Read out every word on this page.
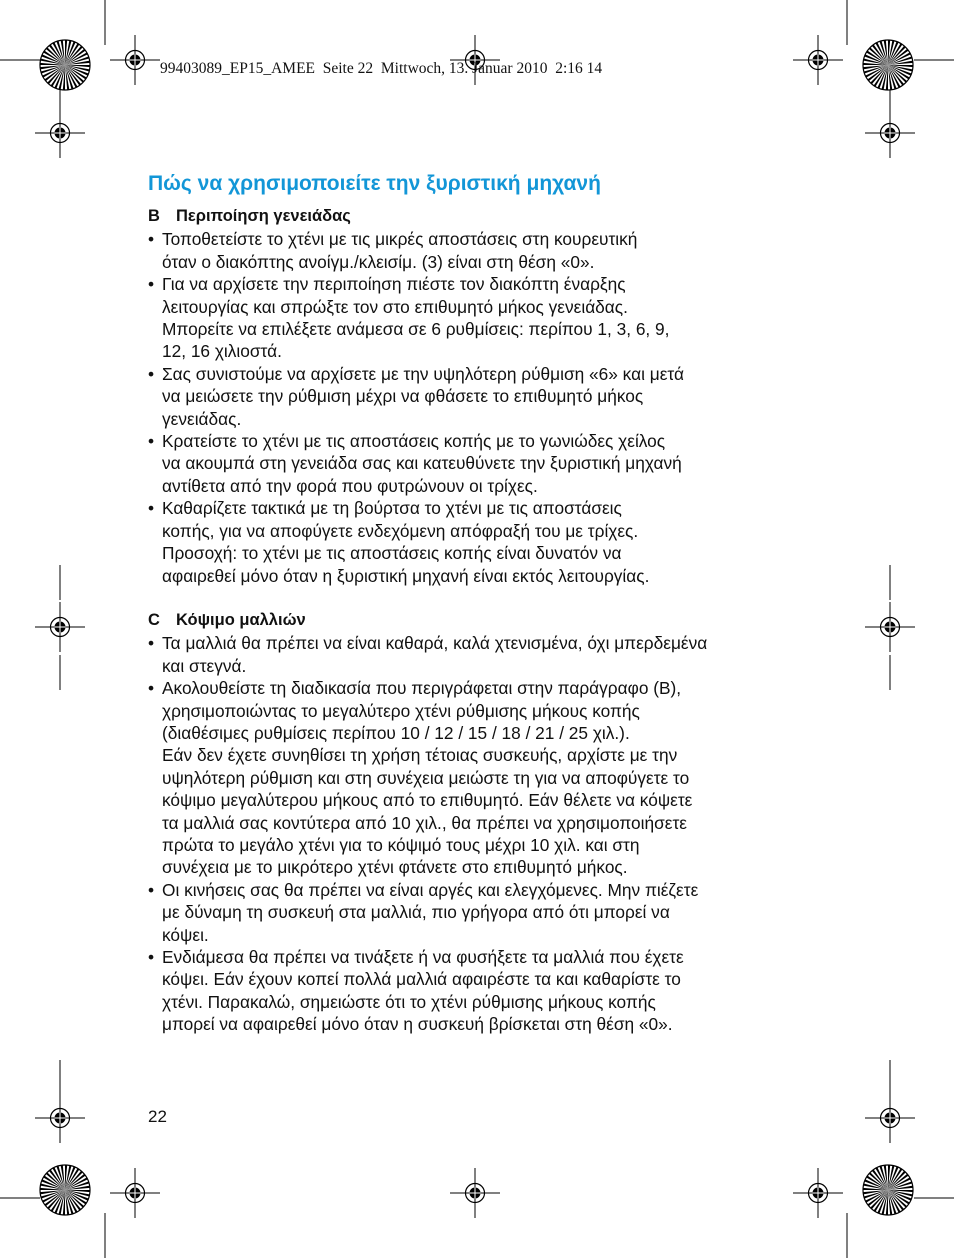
99403089_EP15_AMEE  Seite 22  Mittwoch, 13. Januar 2010  2:16 14
Πώς να χρησιμοποιείτε την ξυριστική μηχανή
B Περιποίηση γενειάδας
• Τοποθετείστε το χτένι με τις μικρές αποστάσεις στη κουρευτική
όταν ο διακόπτης ανοίγμ./κλεισίμ. (3) είναι στη θέση «0».
• Για να αρχίσετε την περιποίηση πιέστε τον διακόπτη έναρξης
λειτουργίας και σπρώξτε τον στο επιθυμητό μήκος γενειάδας.
Μπορείτε να επιλέξετε ανάμεσα σε 6 ρυθμίσεις: περίπου 1, 3, 6, 9,
12, 16 χιλιοστά.
• Σας συνιστούμε να αρχίσετε με την υψηλότερη ρύθμιση «6» και μετά
να μειώσετε την ρύθμιση μέχρι να φθάσετε το επιθυμητό μήκος
γενειάδας.
• Κρατείστε το χτένι με τις αποστάσεις κοπής με το γωνιώδες χείλος
να ακουμπά στη γενειάδα σας και κατευθύνετε την ξυριστική μηχανή
αντίθετα από την φορά που φυτρώνουν οι τρίχες.
• Καθαρίζετε τακτικά με τη βούρτσα το χτένι με τις αποστάσεις
κοπής, για να αποφύγετε ενδεχόμενη απόφραξή του με τρίχες.
Προσοχή: το χτένι με τις αποστάσεις κοπής είναι δυνατόν να
αφαιρεθεί μόνο όταν η ξυριστική μηχανή είναι εκτός λειτουργίας.
C Κόψιμο μαλλιών
• Τα μαλλιά θα πρέπει να είναι καθαρά, καλά χτενισμένα, όχι μπερδεμένα
και στεγνά.
• Ακολουθείστε τη διαδικασία που περιγράφεται στην παράγραφο (B),
χρησιμοποιώντας το μεγαλύτερο χτένι ρύθμισης μήκους κοπής
(διαθέσιμες ρυθμίσεις περίπου 10 / 12 / 15 / 18 / 21 / 25 χιλ.).
Εάν δεν έχετε συνηθίσει τη χρήση τέτοιας συσκευής, αρχίστε με την
υψηλότερη ρύθμιση και στη συνέχεια μειώστε τη για να αποφύγετε το
κόψιμο μεγαλύτερου μήκους από το επιθυμητό. Εάν θέλετε να κόψετε
τα μαλλιά σας κοντύτερα από 10 χιλ., θα πρέπει να χρησιμοποιήσετε
πρώτα το μεγάλο χτένι για το κόψιμό τους μέχρι 10 χιλ. και στη
συνέχεια με το μικρότερο χτένι φτάνετε στο επιθυμητό μήκος.
• Οι κινήσεις σας θα πρέπει να είναι αργές και ελεγχόμενες. Μην πιέζετε
με δύναμη τη συσκευή στα μαλλιά, πιο γρήγορα από ότι μπορεί να
κόψει.
• Ενδιάμεσα θα πρέπει να τινάξετε ή να φυσήξετε τα μαλλιά που έχετε
κόψει. Εάν έχουν κοπεί πολλά μαλλιά αφαιρέστε τα και καθαρίστε το
χτένι. Παρακαλώ, σημειώστε ότι το χτένι ρύθμισης μήκους κοπής
μπορεί να αφαιρεθεί μόνο όταν η συσκευή βρίσκεται στη θέση «0».
22
